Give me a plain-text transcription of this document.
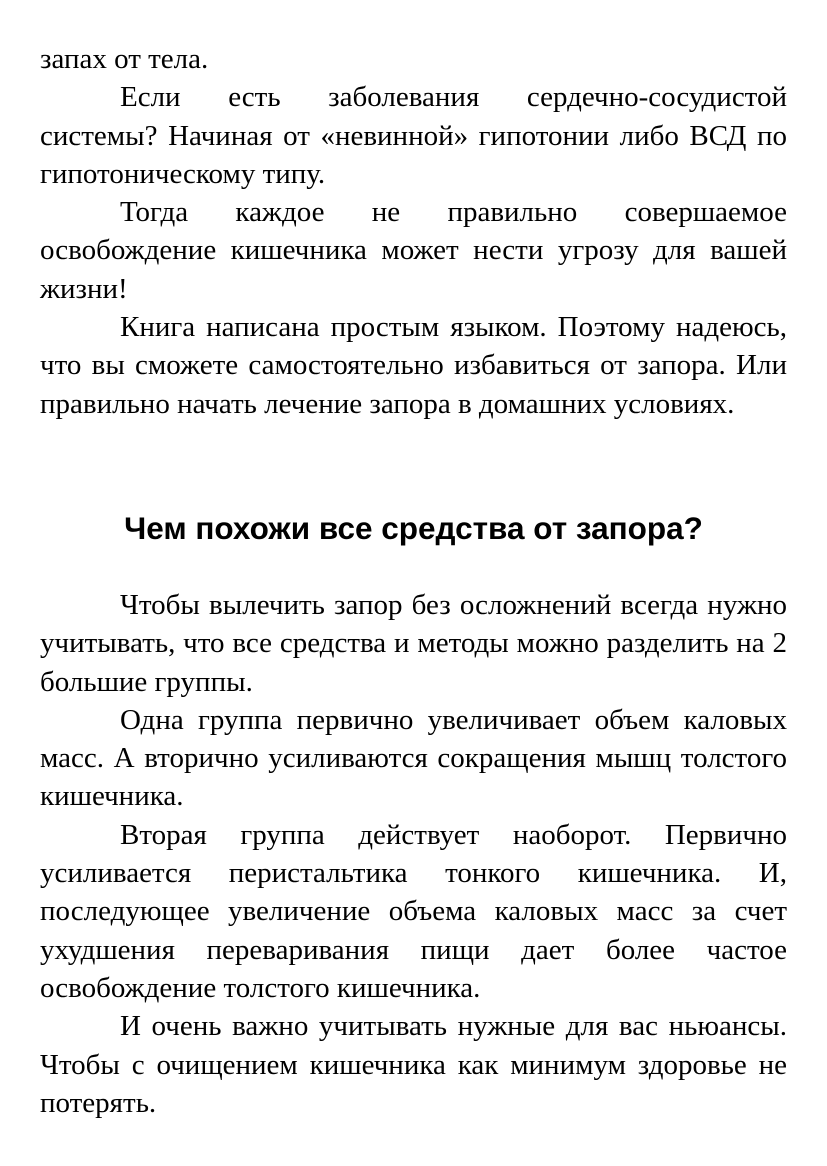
запах от тела.

Если есть заболевания сердечно-сосудистой системы? Начиная от «невинной» гипотонии либо ВСД по гипотоническому типу.

Тогда каждое не правильно совершаемое освобождение кишечника может нести угрозу для вашей жизни!

Книга написана простым языком. Поэтому надеюсь, что вы сможете самостоятельно избавиться от запора. Или правильно начать лечение запора в домашних условиях.

Чем похожи все средства от запора?

Чтобы вылечить запор без осложнений всегда нужно учитывать, что все средства и методы можно разделить на 2 большие группы.

Одна группа первично увеличивает объем каловых масс. А вторично усиливаются сокращения мышц толстого кишечника.

Вторая группа действует наоборот. Первично усиливается перистальтика тонкого кишечника. И, последующее увеличение объема каловых масс за счет ухудшения переваривания пищи дает более частое освобождение толстого кишечника.

И очень важно учитывать нужные для вас ньюансы. Чтобы с очищением кишечника как минимум здоровье не потерять.
